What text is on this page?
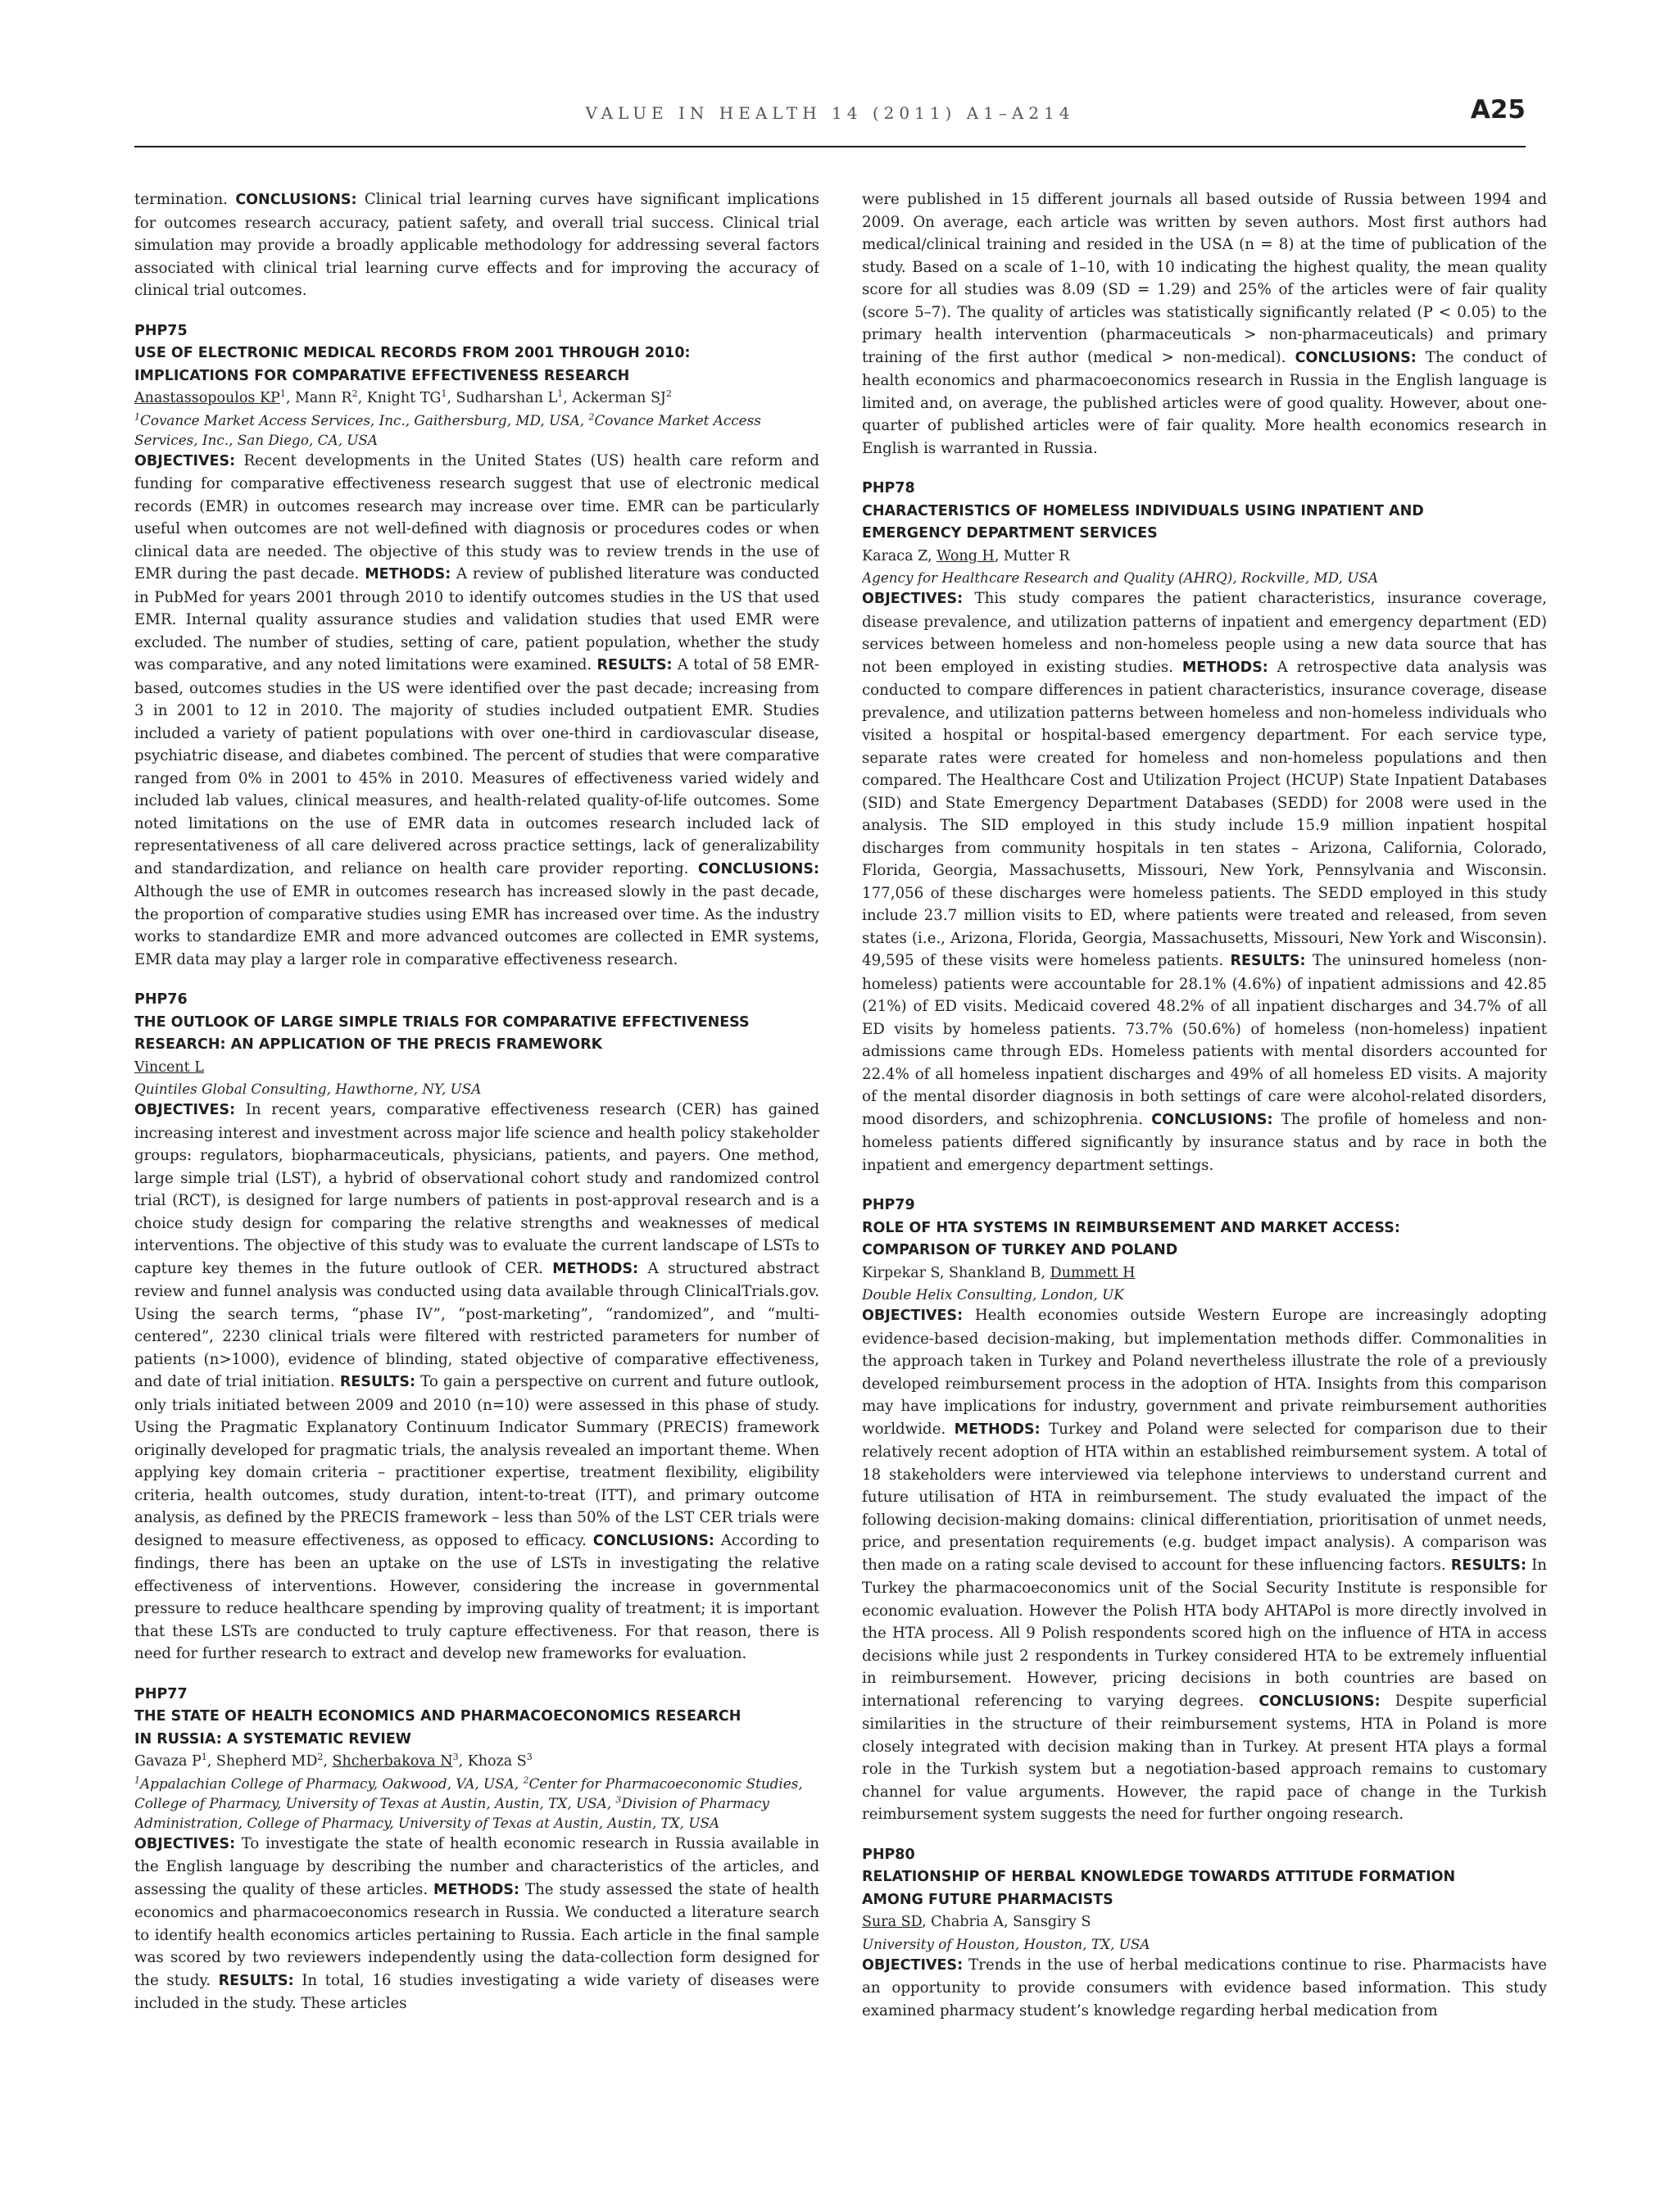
VALUE IN HEALTH 14 (2011) A1–A214	A25

termination. CONCLUSIONS: Clinical trial learning curves have significant implications for outcomes research accuracy, patient safety, and overall trial success. Clinical trial simulation may provide a broadly applicable methodology for addressing several factors associated with clinical trial learning curve effects and for improving the accuracy of clinical trial outcomes.

PHP75

USE OF ELECTRONIC MEDICAL RECORDS FROM 2001 THROUGH 2010:
IMPLICATIONS FOR COMPARATIVE EFFECTIVENESS RESEARCH

Anastassopoulos $KP^1$, Mann $R^2$, Knight $TG^1$, Sudharshan $L^1$, Ackerman $SJ^2$

$^1$Covance Market Access Services, Inc., Gaithersburg, MD, USA, $^2$Covance Market Access Services, Inc., San Diego, CA, USA

OBJECTIVES: Recent developments in the United States (US) health care reform and funding for comparative effectiveness research suggest that use of electronic medical records (EMR) in outcomes research may increase over time. EMR can be particularly useful when outcomes are not well-defined with diagnosis or procedures codes or when clinical data are needed. The objective of this study was to review trends in the use of EMR during the past decade. METHODS: A review of published literature was conducted in PubMed for years 2001 through 2010 to identify outcomes studies in the US that used EMR. Internal quality assurance studies and validation studies that used EMR were excluded. The number of studies, setting of care, patient population, whether the study was comparative, and any noted limitations were examined. RESULTS: A total of 58 EMR-based, outcomes studies in the US were identified over the past decade; increasing from 3 in 2001 to 12 in 2010. The majority of studies included outpatient EMR. Studies included a variety of patient populations with over one-third in cardiovascular disease, psychiatric disease, and diabetes combined. The percent of studies that were comparative ranged from 0% in 2001 to 45% in 2010. Measures of effectiveness varied widely and included lab values, clinical measures, and health-related quality-of-life outcomes. Some noted limitations on the use of EMR data in outcomes research included lack of representativeness of all care delivered across practice settings, lack of generalizability and standardization, and reliance on health care provider reporting. CONCLUSIONS: Although the use of EMR in outcomes research has increased slowly in the past decade, the proportion of comparative studies using EMR has increased over time. As the industry works to standardize EMR and more advanced outcomes are collected in EMR systems, EMR data may play a larger role in comparative effectiveness research.

PHP76

THE OUTLOOK OF LARGE SIMPLE TRIALS FOR COMPARATIVE EFFECTIVENESS
RESEARCH: AN APPLICATION OF THE PRECIS FRAMEWORK

Vincent L

Quintiles Global Consulting, Hawthorne, NY, USA

OBJECTIVES: In recent years, comparative effectiveness research (CER) has gained increasing interest and investment across major life science and health policy stakeholder groups: regulators, biopharmaceuticals, physicians, patients, and payers. One method, large simple trial (LST), a hybrid of observational cohort study and randomized control trial (RCT), is designed for large numbers of patients in post-approval research and is a choice study design for comparing the relative strengths and weaknesses of medical interventions. The objective of this study was to evaluate the current landscape of LSTs to capture key themes in the future outlook of CER. METHODS: A structured abstract review and funnel analysis was conducted using data available through ClinicalTrials.gov. Using the search terms, “phase IV”, “post-marketing”, “randomized”, and “multi-centered”, 2230 clinical trials were filtered with restricted parameters for number of patients (n>1000), evidence of blinding, stated objective of comparative effectiveness, and date of trial initiation. RESULTS: To gain a perspective on current and future outlook, only trials initiated between 2009 and 2010 (n=10) were assessed in this phase of study. Using the Pragmatic Explanatory Continuum Indicator Summary (PRECIS) framework originally developed for pragmatic trials, the analysis revealed an important theme. When applying key domain criteria – practitioner expertise, treatment flexibility, eligibility criteria, health outcomes, study duration, intent-to-treat (ITT), and primary outcome analysis, as defined by the PRECIS framework – less than 50% of the LST CER trials were designed to measure effectiveness, as opposed to efficacy. CONCLUSIONS: According to findings, there has been an uptake on the use of LSTs in investigating the relative effectiveness of interventions. However, considering the increase in governmental pressure to reduce healthcare spending by improving quality of treatment; it is important that these LSTs are conducted to truly capture effectiveness. For that reason, there is need for further research to extract and develop new frameworks for evaluation.

PHP77

THE STATE OF HEALTH ECONOMICS AND PHARMACOECONOMICS RESEARCH
IN RUSSIA: A SYSTEMATIC REVIEW

Gavaza $P^1$, Shepherd $MD^2$, Shcherbakova $N^3$, Khoza $S^3$

$^1$Appalachian College of Pharmacy, Oakwood, VA, USA, $^2$Center for Pharmacoeconomic Studies, College of Pharmacy, University of Texas at Austin, Austin, TX, USA, $^3$Division of Pharmacy Administration, College of Pharmacy, University of Texas at Austin, Austin, TX, USA

OBJECTIVES: To investigate the state of health economic research in Russia available in the English language by describing the number and characteristics of the articles, and assessing the quality of these articles. METHODS: The study assessed the state of health economics and pharmacoeconomics research in Russia. We conducted a literature search to identify health economics articles pertaining to Russia. Each article in the final sample was scored by two reviewers independently using the data-collection form designed for the study. RESULTS: In total, 16 studies investigating a wide variety of diseases were included in the study. These articles

were published in 15 different journals all based outside of Russia between 1994 and 2009. On average, each article was written by seven authors. Most first authors had medical/clinical training and resided in the USA (n = 8) at the time of publication of the study. Based on a scale of 1–10, with 10 indicating the highest quality, the mean quality score for all studies was 8.09 (SD = 1.29) and 25% of the articles were of fair quality (score 5–7). The quality of articles was statistically significantly related (P < 0.05) to the primary health intervention (pharmaceuticals > non-pharmaceuticals) and primary training of the first author (medical > non-medical). CONCLUSIONS: The conduct of health economics and pharmacoeconomics research in Russia in the English language is limited and, on average, the published articles were of good quality. However, about one-quarter of published articles were of fair quality. More health economics research in English is warranted in Russia.

PHP78

CHARACTERISTICS OF HOMELESS INDIVIDUALS USING INPATIENT AND
EMERGENCY DEPARTMENT SERVICES

Karaca Z, Wong H, Mutter R

Agency for Healthcare Research and Quality (AHRQ), Rockville, MD, USA

OBJECTIVES: This study compares the patient characteristics, insurance coverage, disease prevalence, and utilization patterns of inpatient and emergency department (ED) services between homeless and non-homeless people using a new data source that has not been employed in existing studies. METHODS: A retrospective data analysis was conducted to compare differences in patient characteristics, insurance coverage, disease prevalence, and utilization patterns between homeless and non-homeless individuals who visited a hospital or hospital-based emergency department. For each service type, separate rates were created for homeless and non-homeless populations and then compared. The Healthcare Cost and Utilization Project (HCUP) State Inpatient Databases (SID) and State Emergency Department Databases (SEDD) for 2008 were used in the analysis. The SID employed in this study include 15.9 million inpatient hospital discharges from community hospitals in ten states – Arizona, California, Colorado, Florida, Georgia, Massachusetts, Missouri, New York, Pennsylvania and Wisconsin. 177,056 of these discharges were homeless patients. The SEDD employed in this study include 23.7 million visits to ED, where patients were treated and released, from seven states (i.e., Arizona, Florida, Georgia, Massachusetts, Missouri, New York and Wisconsin). 49,595 of these visits were homeless patients. RESULTS: The uninsured homeless (non-homeless) patients were accountable for 28.1% (4.6%) of inpatient admissions and 42.85 (21%) of ED visits. Medicaid covered 48.2% of all inpatient discharges and 34.7% of all ED visits by homeless patients. 73.7% (50.6%) of homeless (non-homeless) inpatient admissions came through EDs. Homeless patients with mental disorders accounted for 22.4% of all homeless inpatient discharges and 49% of all homeless ED visits. A majority of the mental disorder diagnosis in both settings of care were alcohol-related disorders, mood disorders, and schizophrenia. CONCLUSIONS: The profile of homeless and non-homeless patients differed significantly by insurance status and by race in both the inpatient and emergency department settings.

PHP79

ROLE OF HTA SYSTEMS IN REIMBURSEMENT AND MARKET ACCESS:
COMPARISON OF TURKEY AND POLAND

Kirpekar S, Shankland B, Dummett H

Double Helix Consulting, London, UK

OBJECTIVES: Health economies outside Western Europe are increasingly adopting evidence-based decision-making, but implementation methods differ. Commonalities in the approach taken in Turkey and Poland nevertheless illustrate the role of a previously developed reimbursement process in the adoption of HTA. Insights from this comparison may have implications for industry, government and private reimbursement authorities worldwide. METHODS: Turkey and Poland were selected for comparison due to their relatively recent adoption of HTA within an established reimbursement system. A total of 18 stakeholders were interviewed via telephone interviews to understand current and future utilisation of HTA in reimbursement. The study evaluated the impact of the following decision-making domains: clinical differentiation, prioritisation of unmet needs, price, and presentation requirements (e.g. budget impact analysis). A comparison was then made on a rating scale devised to account for these influencing factors. RESULTS: In Turkey the pharmacoeconomics unit of the Social Security Institute is responsible for economic evaluation. However the Polish HTA body AHTAPol is more directly involved in the HTA process. All 9 Polish respondents scored high on the influence of HTA in access decisions while just 2 respondents in Turkey considered HTA to be extremely influential in reimbursement. However, pricing decisions in both countries are based on international referencing to varying degrees. CONCLUSIONS: Despite superficial similarities in the structure of their reimbursement systems, HTA in Poland is more closely integrated with decision making than in Turkey. At present HTA plays a formal role in the Turkish system but a negotiation-based approach remains to customary channel for value arguments. However, the rapid pace of change in the Turkish reimbursement system suggests the need for further ongoing research.

PHP80

RELATIONSHIP OF HERBAL KNOWLEDGE TOWARDS ATTITUDE FORMATION
AMONG FUTURE PHARMACISTS

Sura SD, Chabria A, Sansgiry S

University of Houston, Houston, TX, USA

OBJECTIVES: Trends in the use of herbal medications continue to rise. Pharmacists have an opportunity to provide consumers with evidence based information. This study examined pharmacy student’s knowledge regarding herbal medication from
